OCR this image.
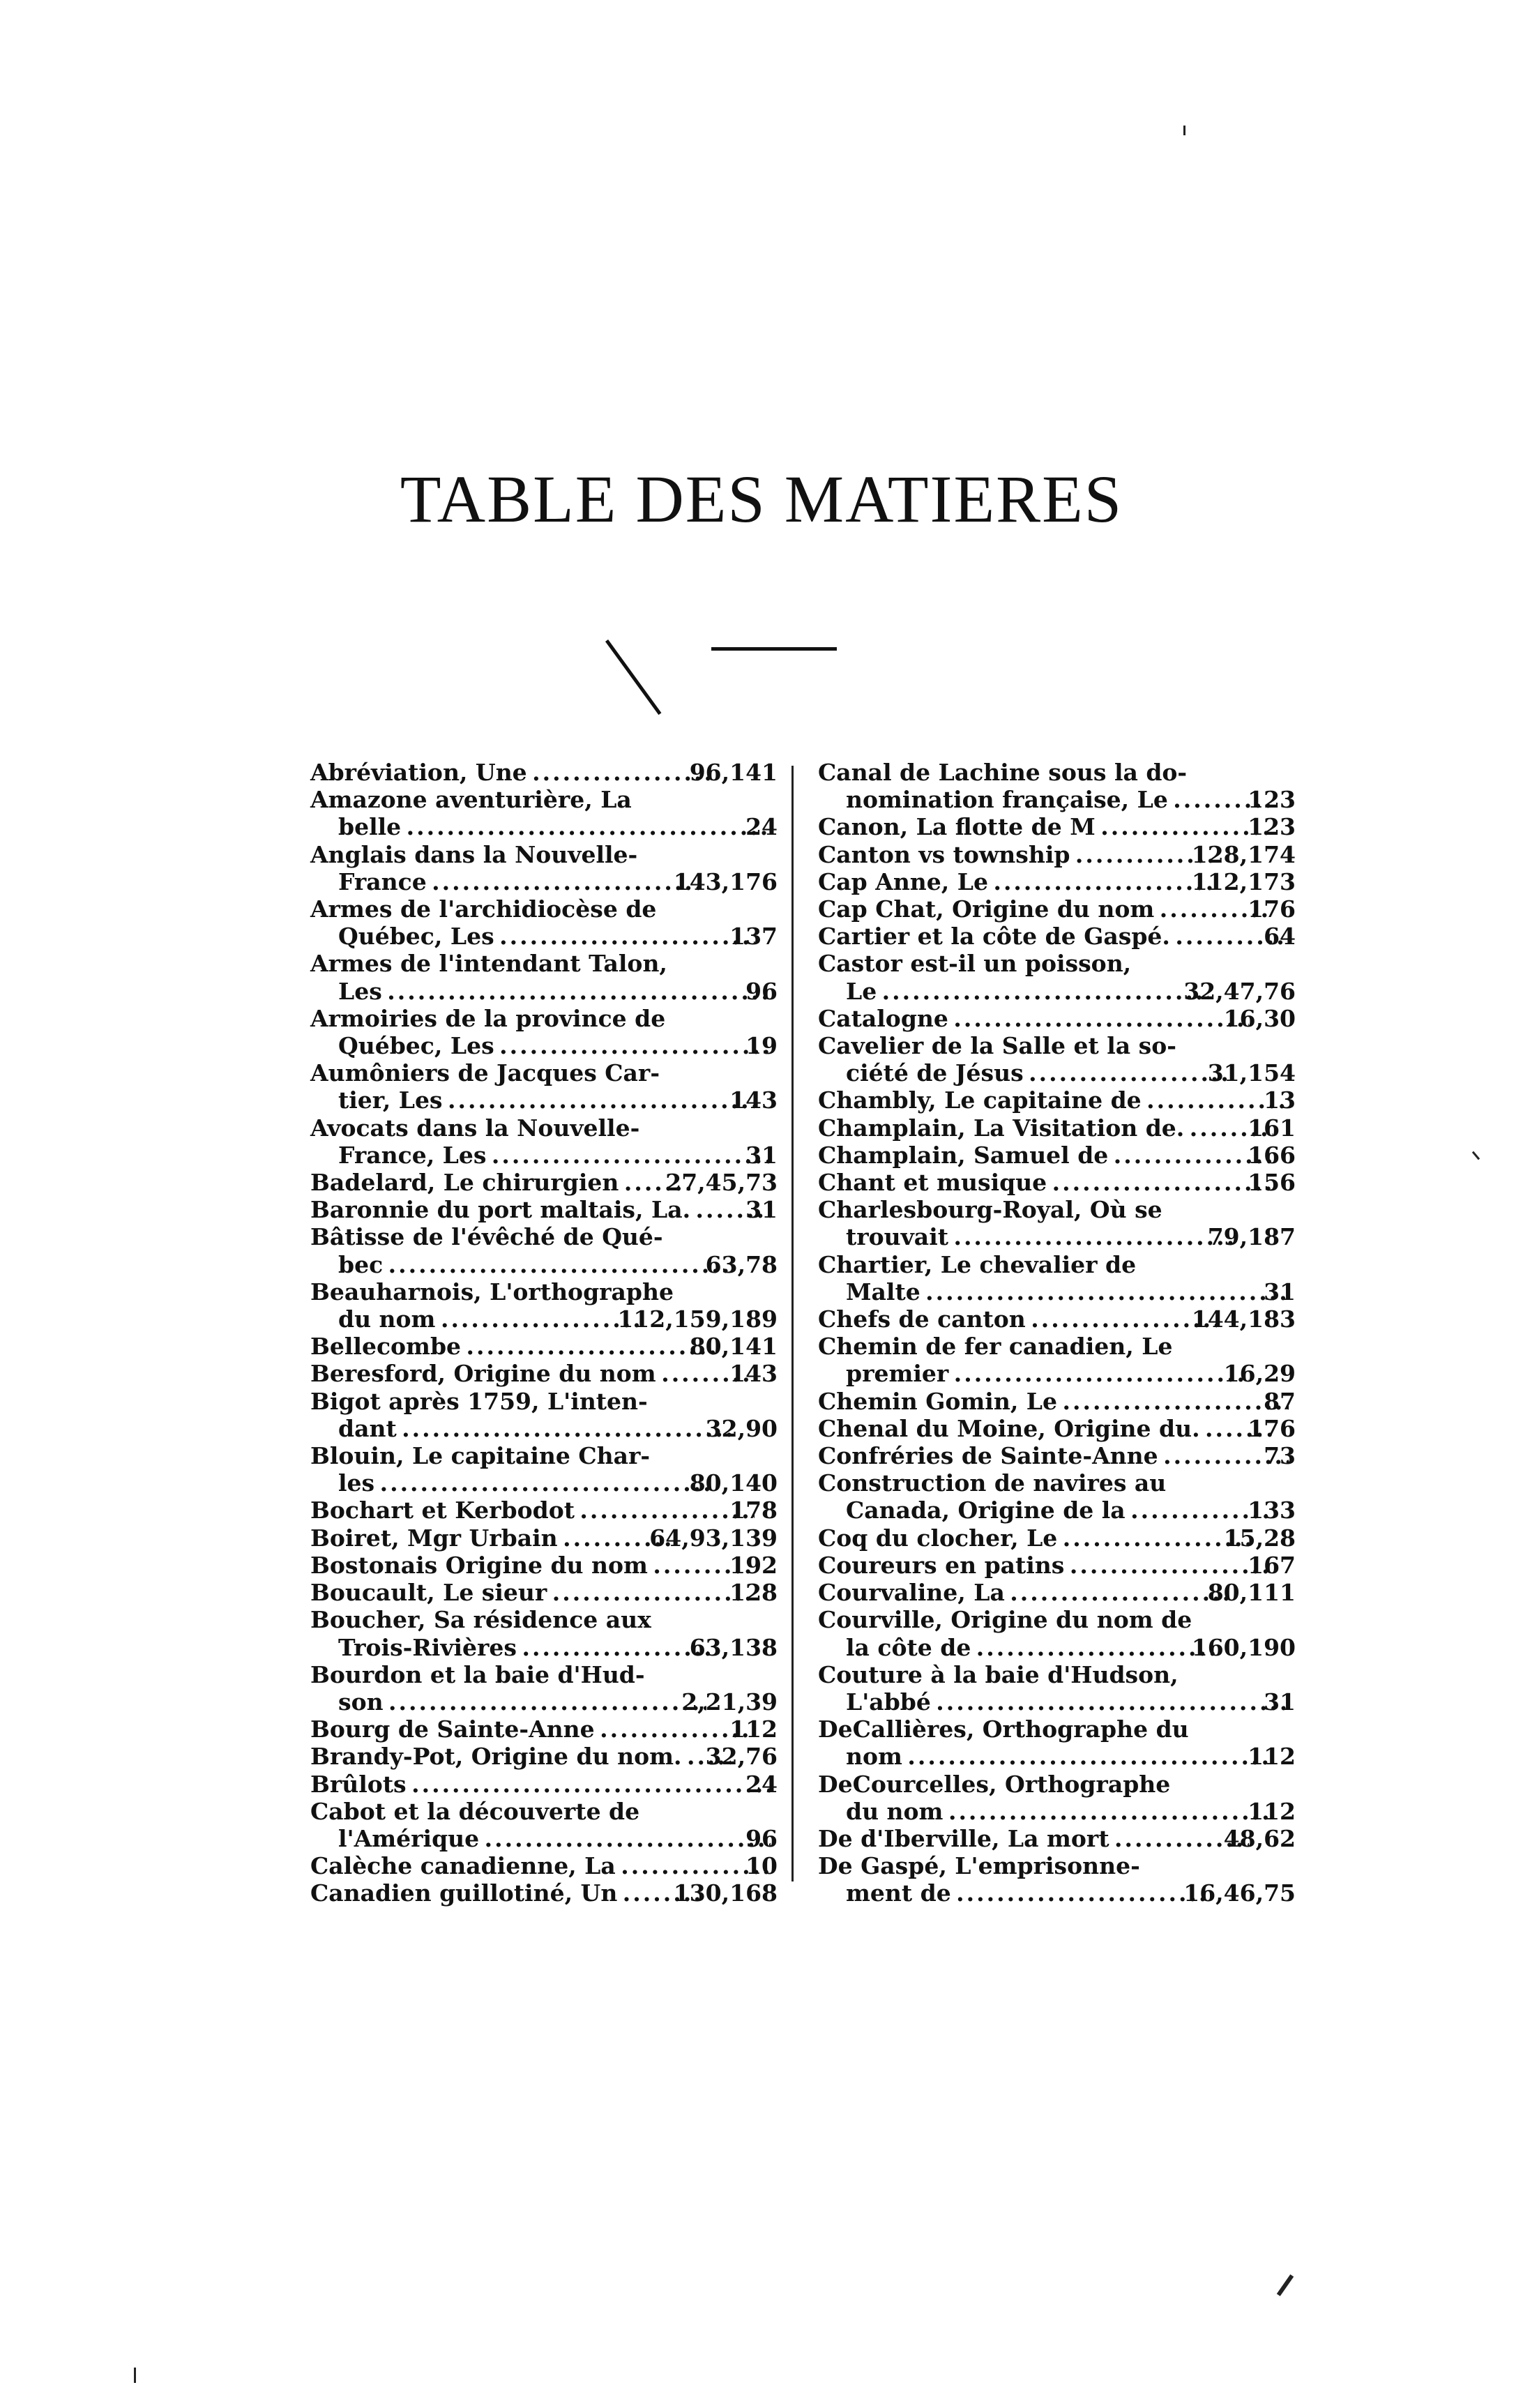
TABLE DES MATIERES
Abréviation, Une .....	96,141
Amazone aventurière, La
belle .....	24
Anglais dans la Nouvelle-
France .....	143,176
Armes de l'archidiocèse de
Québec, Les .....	137
Armes de l'intendant Talon,
Les .....	96
Armoiries de la province de
Québec, Les .....	19
Aumôniers de Jacques Car-
tier, Les .....	143
Avocats dans la Nouvelle-
France, Les .....	31
Badelard, Le chirurgien ..... 27,45,73
Baronnie du port maltais, La. ..... 31
Bâtisse de l'évêché de Qué-
bec .....	63,78
Beauharnois, L'orthographe
du nom .....	112,159,189
Bellecombe .....	80,141
Beresford, Origine du nom .....	143
Bigot après 1759, L'inten-
dant .....	32,90
Blouin, Le capitaine Char-
les .....	80,140
Bochart et Kerbodot .....	178
Boiret, Mgr Urbain .....	64,93,139
Bostonais Origine du nom .....	192
Boucault, Le sieur .....	128
Boucher, Sa résidence aux
Trois-Rivières .....	63,138
Bourdon et la baie d'Hud-
son .....	2,21,39
Bourg de Sainte-Anne .....	112
Brandy-Pot, Origine du nom. ..... 32,76
Brûlots .....	24
Cabot et la découverte de
l'Amérique .....	96
Calèche canadienne, La .....	10
Canadien guillotiné, Un ..... 130,168
Canal de Lachine sous la do-
nomination française, Le .....	123
Canon, La flotte de M .....	123
Canton vs township .....	128,174
Cap Anne, Le .....	112,173
Cap Chat, Origine du nom .....	176
Cartier et la côte de Gaspé. .....	64
Castor est-il un poisson,
Le .....	32,47,76
Catalogne .....	16,30
Cavelier de la Salle et la so-
ciété de Jésus .....	31,154
Chambly, Le capitaine de .....	13
Champlain, La Visitation de. .....	161
Champlain, Samuel de .....	166
Chant et musique .....	156
Charlesbourg-Royal, Où se
trouvait .....	79,187
Chartier, Le chevalier de
Malte .....	31
Chefs de canton .....	144,183
Chemin de fer canadien, Le
premier .....	16,29
Chemin Gomin, Le .....	87
Chenal du Moine, Origine du. ..... 176
Confréries de Sainte-Anne .....	73
Construction de navires au
Canada, Origine de la .....	133
Coq du clocher, Le .....	15,28
Coureurs en patins .....	167
Courvaline, La .....	80,111
Courville, Origine du nom de
la côte de .....	160,190
Couture à la baie d'Hudson,
L'abbé .....	31
DeCallières, Orthographe du
nom .....	112
DeCourcelles, Orthographe
du nom .....	112
De d'Iberville, La mort .....	48,62
De Gaspé, L'emprisonne-
ment de .....	16,46,75
